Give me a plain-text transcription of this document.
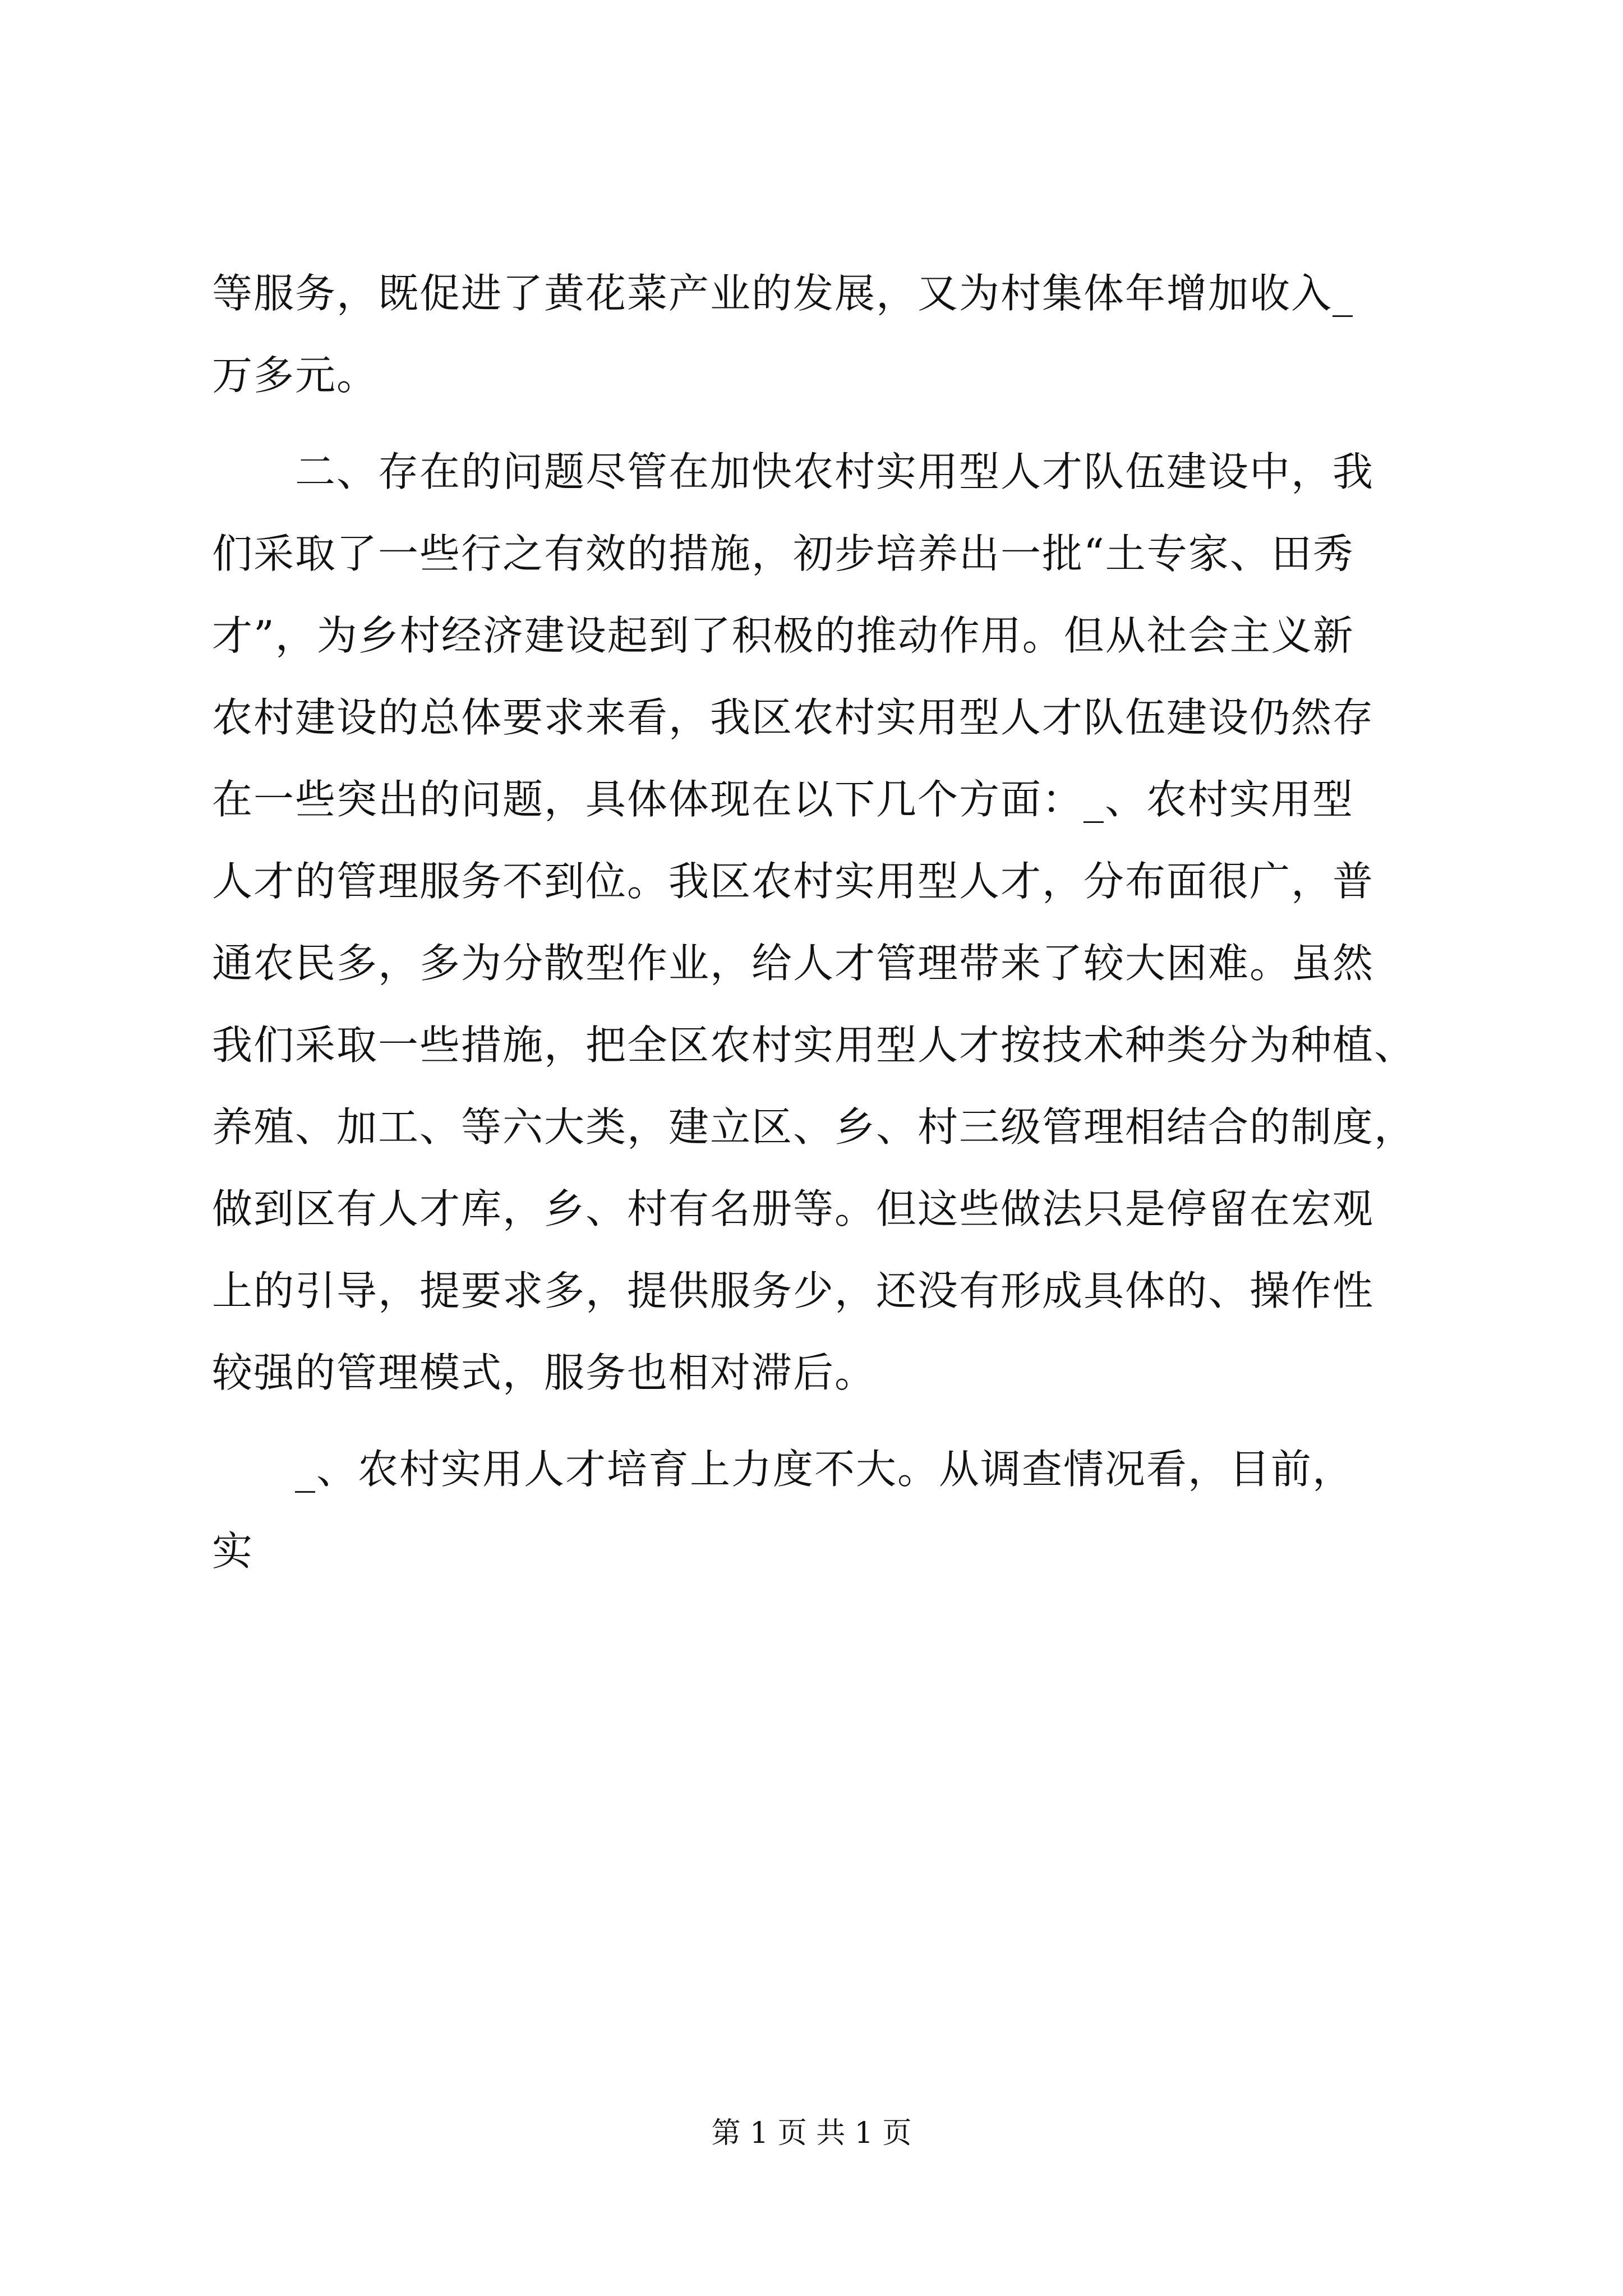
等服务，既促进了黄花菜产业的发展，又为村集体年增加收入_
万多元。
　　二、存在的问题尽管在加快农村实用型人才队伍建设中，我
们采取了一些行之有效的措施，初步培养出一批“土专家、田秀
才”，为乡村经济建设起到了积极的推动作用。但从社会主义新
农村建设的总体要求来看，我区农村实用型人才队伍建设仍然存
在一些突出的问题，具体体现在以下几个方面：_、农村实用型
人才的管理服务不到位。我区农村实用型人才，分布面很广，普
通农民多，多为分散型作业，给人才管理带来了较大困难。虽然
我们采取一些措施，把全区农村实用型人才按技术种类分为种植、
养殖、加工、等六大类，建立区、乡、村三级管理相结合的制度，
做到区有人才库，乡、村有名册等。但这些做法只是停留在宏观
上的引导，提要求多，提供服务少，还没有形成具体的、操作性
较强的管理模式，服务也相对滞后。
　　_、农村实用人才培育上力度不大。从调查情况看，目前，
实
第 1 页 共 1 页
